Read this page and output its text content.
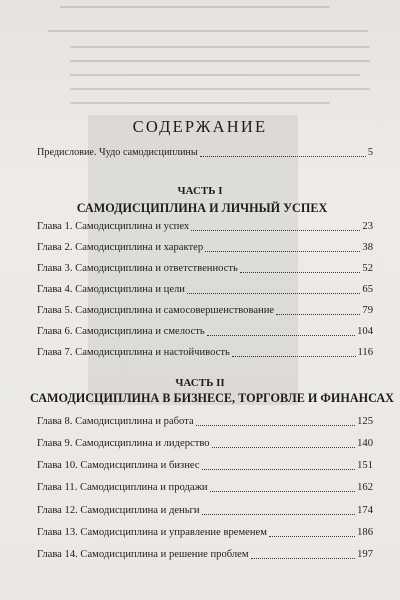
СОДЕРЖАНИЕ
Предисловие. Чудо самодисциплины	5
ЧАСТЬ I
САМОДИСЦИПЛИНА И ЛИЧНЫЙ УСПЕХ
Глава 1. Самодисциплина и успех	23
Глава 2. Самодисциплина и характер	38
Глава 3. Самодисциплина и ответственность	52
Глава 4. Самодисциплина и цели	65
Глава 5. Самодисциплина и самосовершенствование	79
Глава 6. Самодисциплина и смелость	104
Глава 7. Самодисциплина и настойчивость	116
ЧАСТЬ II
САМОДИСЦИПЛИНА В БИЗНЕСЕ, ТОРГОВЛЕ И ФИНАНСАХ
Глава 8. Самодисциплина и работа	125
Глава 9. Самодисциплина и лидерство	140
Глава 10. Самодисциплина и бизнес	151
Глава 11. Самодисциплина и продажи	162
Глава 12. Самодисциплина и деньги	174
Глава 13. Самодисциплина и управление временем	186
Глава 14. Самодисциплина и решение проблем	197
